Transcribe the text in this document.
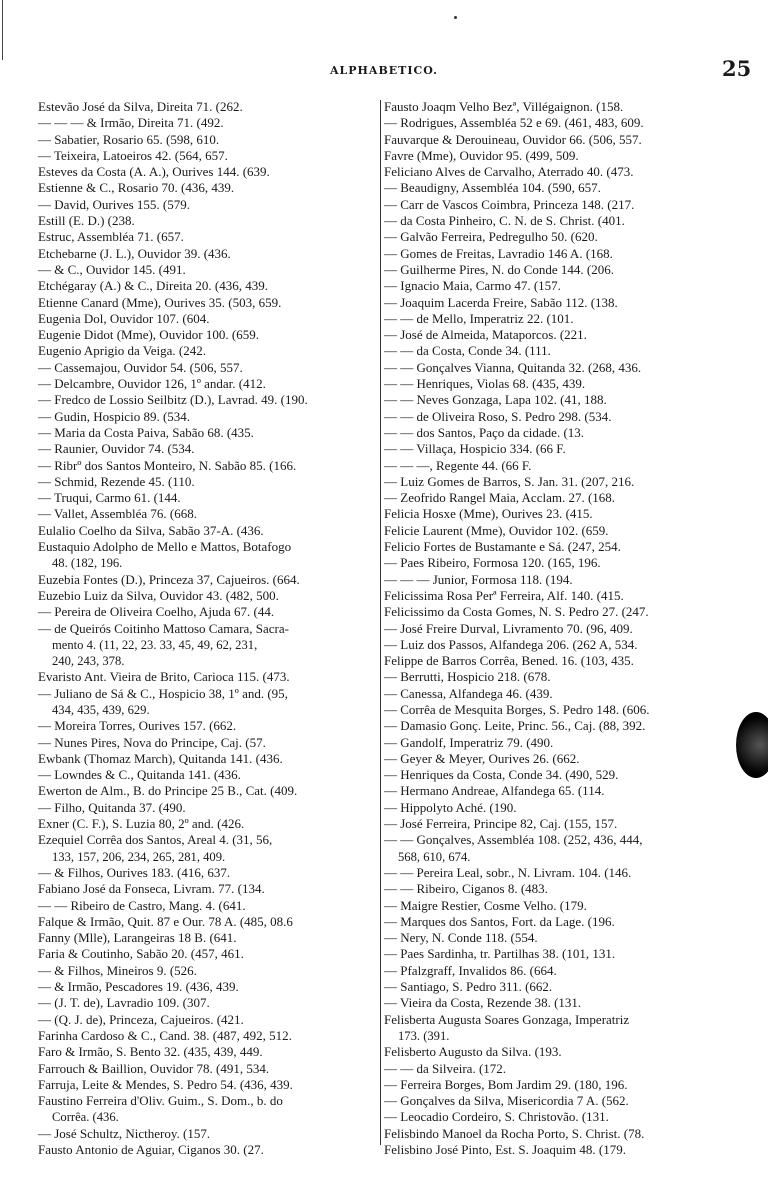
ALPHABETICO.	25
Estevão José da Silva, Direita 71. (262.
— — — & Irmão, Direita 71. (492.
— Sabatier, Rosario 65. (598, 610.
— Teixeira, Latoeiros 42. (564, 657.
Esteves da Costa (A. A.), Ourives 144. (639.
Estienne & C., Rosario 70. (436, 439.
— David, Ourives 155. (579.
Estill (E. D.) (238.
Estruc, Assembléa 71. (657.
Etchebarne (J. L.), Ouvidor 39. (436.
— & C., Ouvidor 145. (491.
Etchégaray (A.) & C., Direita 20. (436, 439.
Etienne Canard (Mme), Ourives 35. (503, 659.
Eugenia Dol, Ouvidor 107. (604.
Eugenie Didot (Mme), Ouvidor 100. (659.
Eugenio Aprigio da Veiga. (242.
— Cassemajou, Ouvidor 54. (506, 557.
— Delcambre, Ouvidor 126, 1º andar. (412.
— Fredco de Lossio Seilbitz (D.), Lavrad. 49. (190.
— Gudin, Hospicio 89. (534.
— Maria da Costa Paiva, Sabão 68. (435.
— Raunier, Ouvidor 74. (534.
— Ribrº dos Santos Monteiro, N. Sabão 85. (166.
— Schmid, Rezende 45. (110.
— Truqui, Carmo 61. (144.
— Vallet, Assembléa 76. (668.
Eulalio Coelho da Silva, Sabão 37-A. (436.
Eustaquio Adolpho de Mello e Mattos, Botafogo
48. (182, 196.
Euzebia Fontes (D.), Princeza 37, Cajueiros. (664.
Euzebio Luiz da Silva, Ouvidor 43. (482, 500.
— Pereira de Oliveira Coelho, Ajuda 67. (44.
— de Queirós Coitinho Mattoso Camara, Sacra-
mento 4. (11, 22, 23. 33, 45, 49, 62, 231,
240, 243, 378.
Evaristo Ant. Vieira de Brito, Carioca 115. (473.
— Juliano de Sá & C., Hospicio 38, 1º and. (95,
434, 435, 439, 629.
— Moreira Torres, Ourives 157. (662.
— Nunes Pires, Nova do Principe, Caj. (57.
Ewbank (Thomaz March), Quitanda 141. (436.
— Lowndes & C., Quitanda 141. (436.
Ewerton de Alm., B. do Principe 25 B., Cat. (409.
— Filho, Quitanda 37. (490.
Exner (C. F.), S. Luzia 80, 2º and. (426.
Ezequiel Corrêa dos Santos, Areal 4. (31, 56,
133, 157, 206, 234, 265, 281, 409.
— & Filhos, Ourives 183. (416, 637.
Fabiano José da Fonseca, Livram. 77. (134.
— — Ribeiro de Castro, Mang. 4. (641.
Falque & Irmão, Quit. 87 e Our. 78 A. (485, 08.6
Fanny (Mlle), Larangeiras 18 B. (641.
Faria & Coutinho, Sabão 20. (457, 461.
— & Filhos, Mineiros 9. (526.
— & Irmão, Pescadores 19. (436, 439.
— (J. T. de), Lavradio 109. (307.
— (Q. J. de), Princeza, Cajueiros. (421.
Farinha Cardoso & C., Cand. 38. (487, 492, 512.
Faro & Irmão, S. Bento 32. (435, 439, 449.
Farrouch & Baillion, Ouvidor 78. (491, 534.
Farruja, Leite & Mendes, S. Pedro 54. (436, 439.
Faustino Ferreira d'Oliv. Guim., S. Dom., b. do
Corrêa. (436.
— José Schultz, Nictheroy. (157.
Fausto Antonio de Aguiar, Ciganos 30. (27.
Fausto Joaqm Velho Bezª, Villégaignon. (158.
— Rodrigues, Assembléa 52 e 69. (461, 483, 609.
Fauvarque & Derouineau, Ouvidor 66. (506, 557.
Favre (Mme), Ouvidor 95. (499, 509.
Feliciano Alves de Carvalho, Aterrado 40. (473.
— Beaudigny, Assembléa 104. (590, 657.
— Carr de Vascos Coimbra, Princeza 148. (217.
— da Costa Pinheiro, C. N. de S. Christ. (401.
— Galvão Ferreira, Pedregulho 50. (620.
— Gomes de Freitas, Lavradio 146 A. (168.
— Guilherme Pires, N. do Conde 144. (206.
— Ignacio Maia, Carmo 47. (157.
— Joaquim Lacerda Freire, Sabão 112. (138.
— — de Mello, Imperatriz 22. (101.
— José de Almeida, Mataporcos. (221.
— — da Costa, Conde 34. (111.
— — Gonçalves Vianna, Quitanda 32. (268, 436.
— — Henriques, Violas 68. (435, 439.
— — Neves Gonzaga, Lapa 102. (41, 188.
— — de Oliveira Roso, S. Pedro 298. (534.
— — dos Santos, Paço da cidade. (13.
— — Villaça, Hospicio 334. (66 F.
— — —, Regente 44. (66 F.
— Luiz Gomes de Barros, S. Jan. 31. (207, 216.
— Zeofrido Rangel Maia, Acclam. 27. (168.
Felicia Hosxe (Mme), Ourives 23. (415.
Felicie Laurent (Mme), Ouvidor 102. (659.
Felicio Fortes de Bustamante e Sá. (247, 254.
— Paes Ribeiro, Formosa 120. (165, 196.
— — — Junior, Formosa 118. (194.
Felicissima Rosa Perª Ferreira, Alf. 140. (415.
Felicissimo da Costa Gomes, N. S. Pedro 27. (247.
— José Freire Durval, Livramento 70. (96, 409.
— Luiz dos Passos, Alfandega 206. (262 A, 534.
Felippe de Barros Corrêa, Bened. 16. (103, 435.
— Berrutti, Hospicio 218. (678.
— Canessa, Alfandega 46. (439.
— Corrêa de Mesquita Borges, S. Pedro 148. (606.
— Damasio Gonç. Leite, Princ. 56., Caj. (88, 392.
— Gandolf, Imperatriz 79. (490.
— Geyer & Meyer, Ourives 26. (662.
— Henriques da Costa, Conde 34. (490, 529.
— Hermano Andreae, Alfandega 65. (114.
— Hippolyto Aché. (190.
— José Ferreira, Principe 82, Caj. (155, 157.
— — Gonçalves, Assembléa 108. (252, 436, 444,
568, 610, 674.
— — Pereira Leal, sobr., N. Livram. 104. (146.
— — Ribeiro, Ciganos 8. (483.
— Maigre Restier, Cosme Velho. (179.
— Marques dos Santos, Fort. da Lage. (196.
— Nery, N. Conde 118. (554.
— Paes Sardinha, tr. Partilhas 38. (101, 131.
— Pfalzgraff, Invalidos 86. (664.
— Santiago, S. Pedro 311. (662.
— Vieira da Costa, Rezende 38. (131.
Felisberta Augusta Soares Gonzaga, Imperatriz
173. (391.
Felisberto Augusto da Silva. (193.
— — da Silveira. (172.
— Ferreira Borges, Bom Jardim 29. (180, 196.
— Gonçalves da Silva, Misericordia 7 A. (562.
— Leocadio Cordeiro, S. Christovão. (131.
Felisbindo Manoel da Rocha Porto, S. Christ. (78.
Felisbino José Pinto, Est. S. Joaquim 48. (179.
